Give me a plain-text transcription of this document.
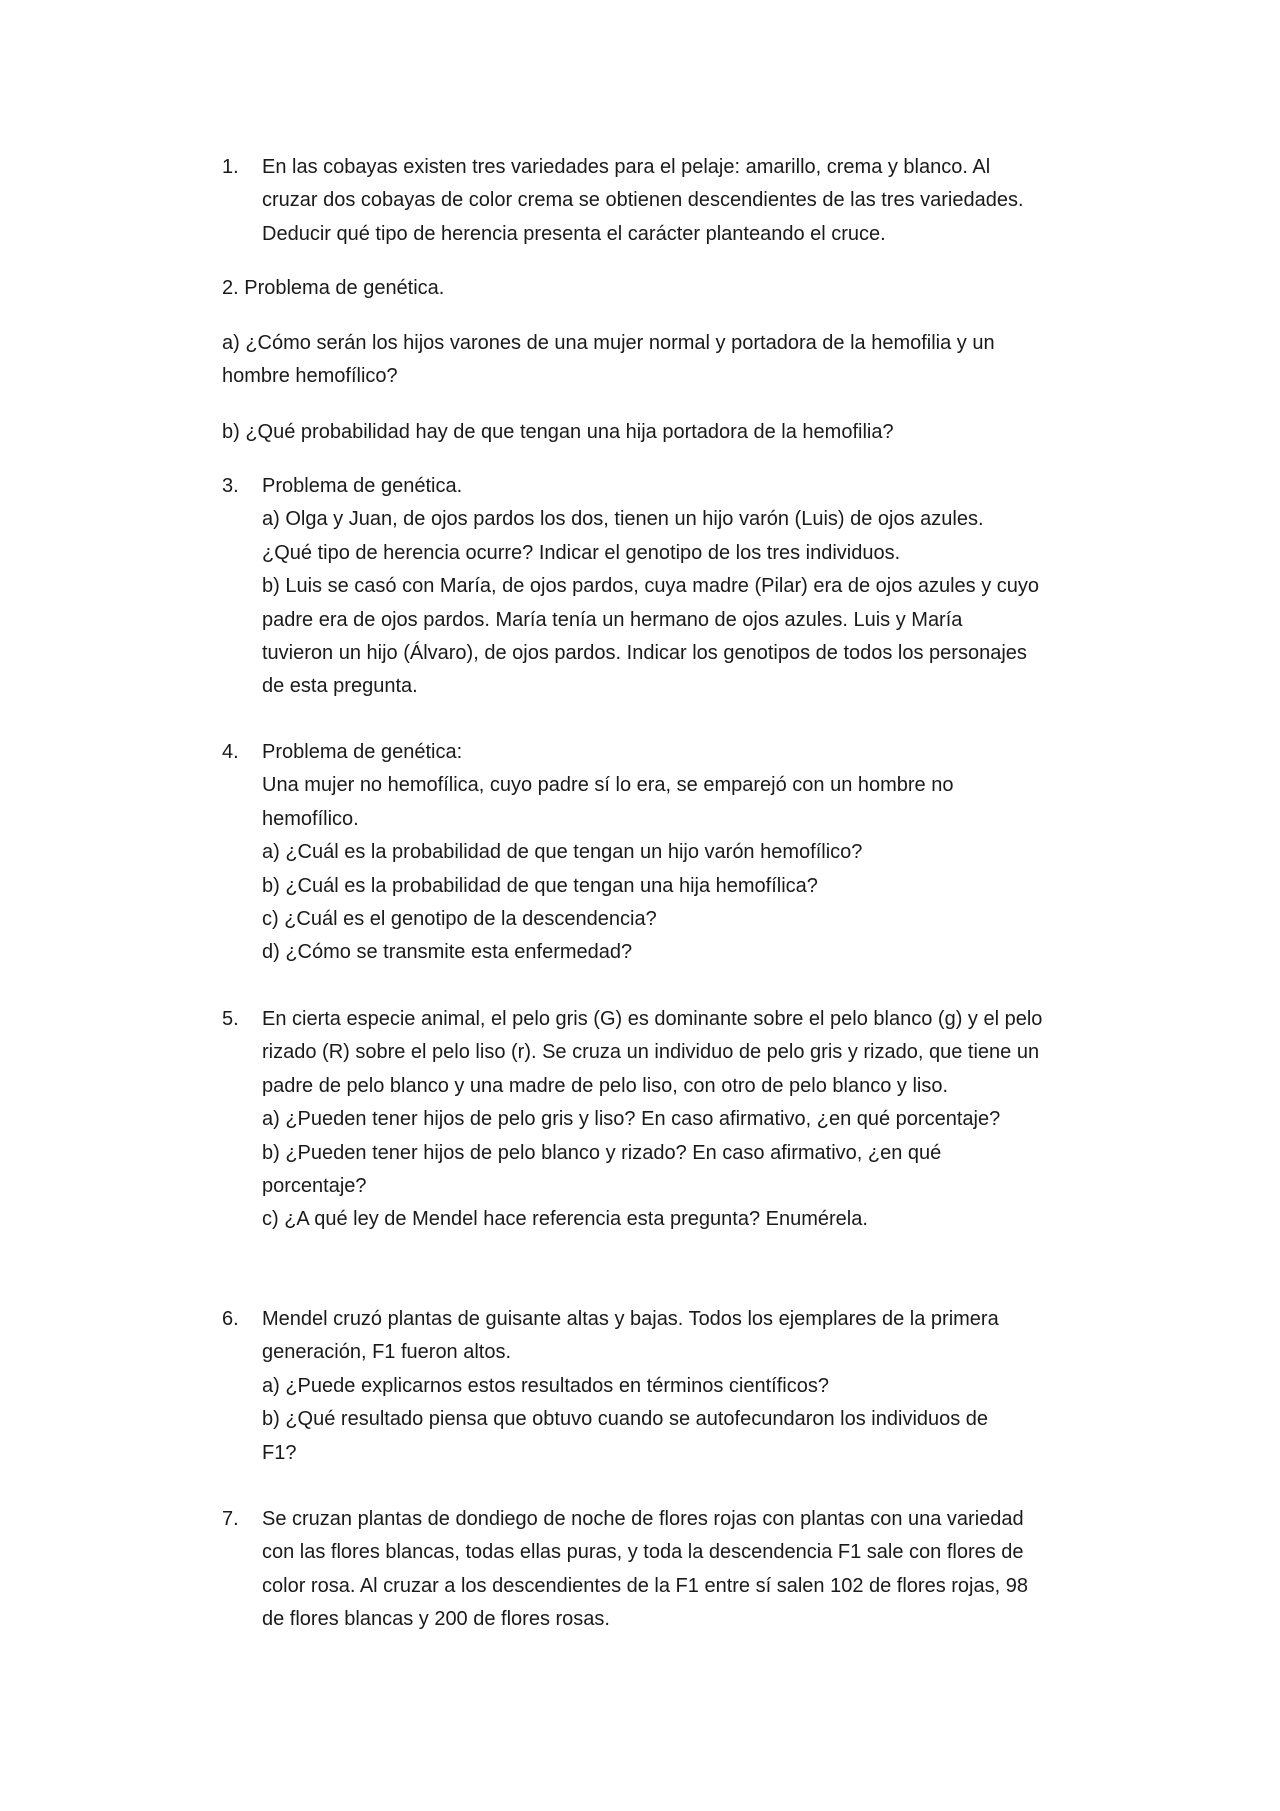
1.	En las cobayas existen tres variedades para el pelaje: amarillo, crema y blanco. Al
cruzar dos cobayas de color crema se obtienen descendientes de las tres variedades.
Deducir qué tipo de herencia presenta el carácter planteando el cruce.
2. Problema de genética.
a) ¿Cómo serán los hijos varones de una mujer normal y portadora de la hemofilia y un
hombre hemofílico?
b) ¿Qué probabilidad hay de que tengan una hija portadora de la hemofilia?
3.	Problema de genética.
a) Olga y Juan, de ojos pardos los dos, tienen un hijo varón (Luis) de ojos azules.
¿Qué tipo de herencia ocurre? Indicar el genotipo de los tres individuos.
b) Luis se casó con María, de ojos pardos, cuya madre (Pilar) era de ojos azules y cuyo
padre era de ojos pardos. María tenía un hermano de ojos azules. Luis y María
tuvieron un hijo (Álvaro), de ojos pardos. Indicar los genotipos de todos los personajes
de esta pregunta.
4.	Problema de genética:
Una mujer no hemofílica, cuyo padre sí lo era, se emparejó con un hombre no
hemofílico.
a) ¿Cuál es la probabilidad de que tengan un hijo varón hemofílico?
b) ¿Cuál es la probabilidad de que tengan una hija hemofílica?
c) ¿Cuál es el genotipo de la descendencia?
d) ¿Cómo se transmite esta enfermedad?
5.	En cierta especie animal, el pelo gris (G) es dominante sobre el pelo blanco (g) y el pelo
rizado (R) sobre el pelo liso (r). Se cruza un individuo de pelo gris y rizado, que tiene un
padre de pelo blanco y una madre de pelo liso, con otro de pelo blanco y liso.
a) ¿Pueden tener hijos de pelo gris y liso? En caso afirmativo, ¿en qué porcentaje?
b) ¿Pueden tener hijos de pelo blanco y rizado? En caso afirmativo, ¿en qué
porcentaje?
c) ¿A qué ley de Mendel hace referencia esta pregunta? Enumérela.
6.	Mendel cruzó plantas de guisante altas y bajas. Todos los ejemplares de la primera
generación, F1 fueron altos.
a) ¿Puede explicarnos estos resultados en términos científicos?
b) ¿Qué resultado piensa que obtuvo cuando se autofecundaron los individuos de
F1?
7.	Se cruzan plantas de dondiego de noche de flores rojas con plantas con una variedad
con las flores blancas, todas ellas puras, y toda la descendencia F1 sale con flores de
color rosa. Al cruzar a los descendientes de la F1 entre sí salen 102 de flores rojas, 98
de flores blancas y 200 de flores rosas.
